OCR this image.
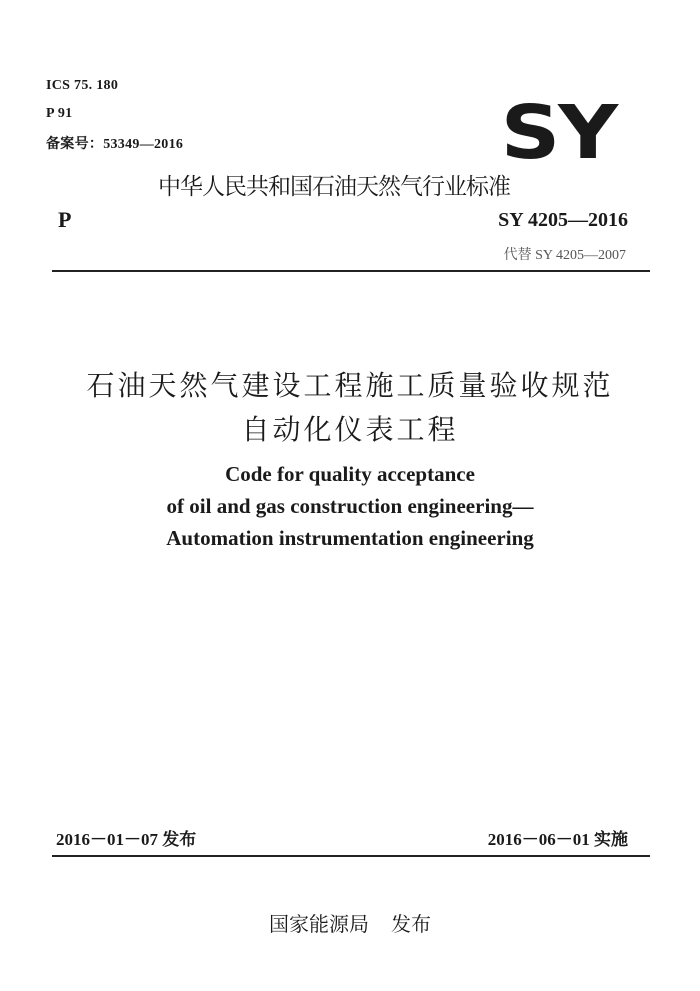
ICS 75. 180
P 91
备案号：53349—2016	SY
中华人民共和国石油天然气行业标准
P	SY 4205—2016
代替 SY 4205—2007
石油天然气建设工程施工质量验收规范
自动化仪表工程
Code for quality acceptance
of oil and gas construction engineering—
Automation instrumentation engineering
2016－01－07 发布	2016－06－01 实施
国家能源局 发布
